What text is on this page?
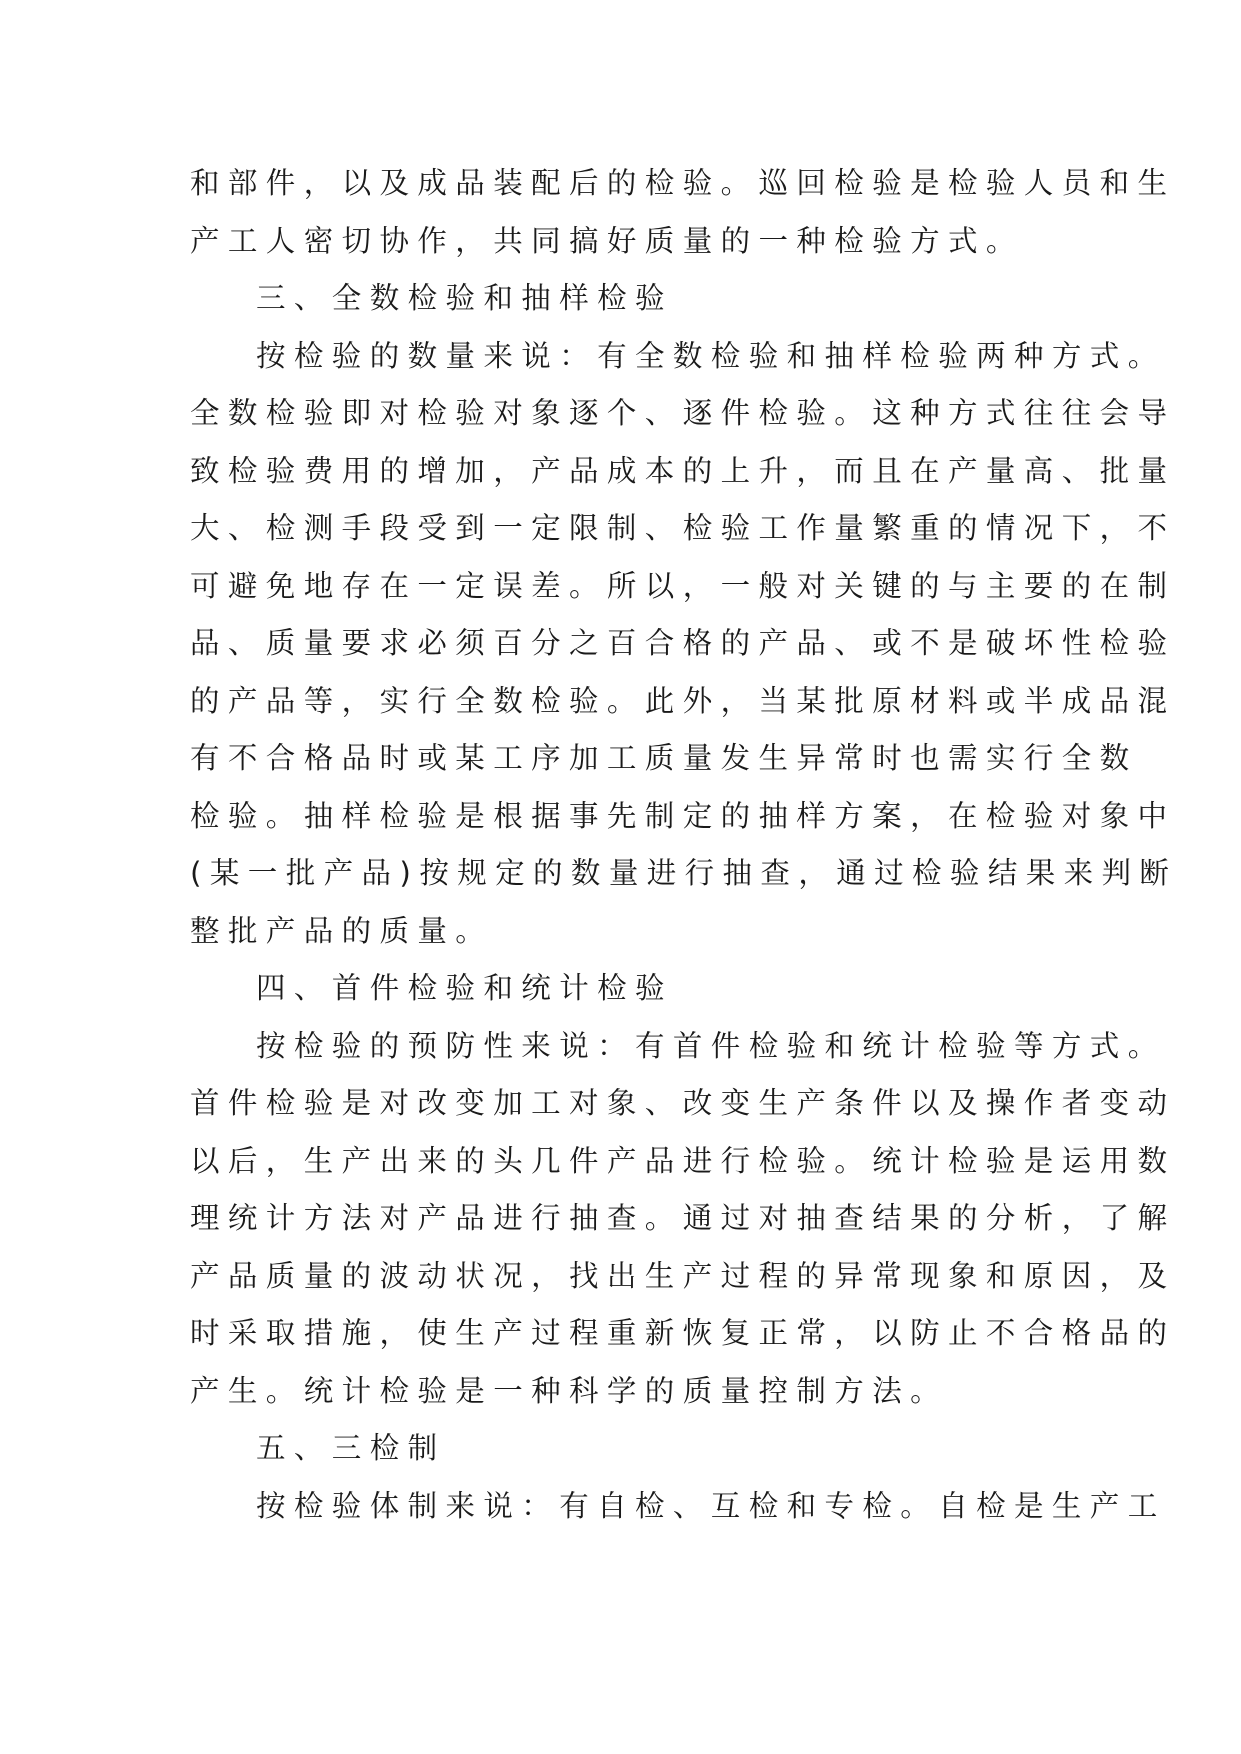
和部件，以及成品装配后的检验。巡回检验是检验人员和生
产工人密切协作，共同搞好质量的一种检验方式。
三、全数检验和抽样检验
按检验的数量来说：有全数检验和抽样检验两种方式。
全数检验即对检验对象逐个、逐件检验。这种方式往往会导
致检验费用的增加，产品成本的上升，而且在产量高、批量
大、检测手段受到一定限制、检验工作量繁重的情况下，不
可避免地存在一定误差。所以，一般对关键的与主要的在制
品、质量要求必须百分之百合格的产品、或不是破坏性检验
的产品等，实行全数检验。此外，当某批原材料或半成品混
有不合格品时或某工序加工质量发生异常时也需实行全数
检验。抽样检验是根据事先制定的抽样方案，在检验对象中
(某一批产品)按规定的数量进行抽查，通过检验结果来判断
整批产品的质量。
四、首件检验和统计检验
按检验的预防性来说：有首件检验和统计检验等方式。
首件检验是对改变加工对象、改变生产条件以及操作者变动
以后，生产出来的头几件产品进行检验。统计检验是运用数
理统计方法对产品进行抽查。通过对抽查结果的分析，了解
产品质量的波动状况，找出生产过程的异常现象和原因，及
时采取措施，使生产过程重新恢复正常，以防止不合格品的
产生。统计检验是一种科学的质量控制方法。
五、三检制
按检验体制来说：有自检、互检和专检。自检是生产工
